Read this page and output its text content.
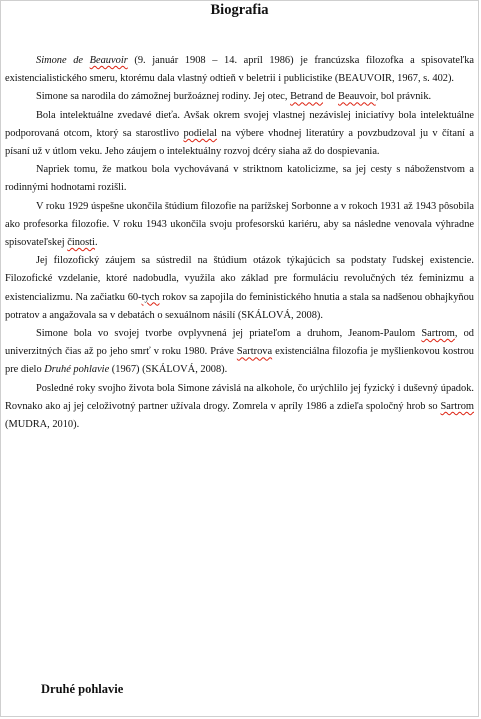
Biografia

Simone de Beauvoir (9. január 1908 – 14. apríl 1986) je francúzska filozofka a spisovateľka existencialistického smeru, ktorému dala vlastný odtieň v beletrii i publicistike (BEAUVOIR, 1967, s. 402).

Simone sa narodila do zámožnej buržoáznej rodiny. Jej otec, Betrand de Beauvoir, bol právnik.

Bola intelektuálne zvedavé dieťa. Avšak okrem svojej vlastnej nezávislej iniciatívy bola intelektuálne podporovaná otcom, ktorý sa starostlivo podielal na výbere vhodnej literatúry a povzbudzoval ju v čítaní a písaní už v útlom veku. Jeho záujem o intelektuálny rozvoj dcéry siaha až do dospievania.

Napriek tomu, že matkou bola vychovávaná v striktnom katolicizme, sa jej cesty s náboženstvom a rodinnými hodnotami rozišli.

V roku 1929 úspešne ukončila štúdium filozofie na parížskej Sorbonne a v rokoch 1931 až 1943 pôsobila ako profesorka filozofie. V roku 1943 ukončila svoju profesorskú kariéru, aby sa následne venovala výhradne spisovateľskej činosti.

Jej filozofický záujem sa sústredil na štúdium otázok týkajúcich sa podstaty ľudskej existencie. Filozofické vzdelanie, ktoré nadobudla, využila ako základ pre formuláciu revolučných téz feminizmu a existencializmu. Na začiatku 60-tych rokov sa zapojila do feministického hnutia a stala sa nadšenou obhajkyňou potratov a angažovala sa v debatách o sexuálnom násilí (SKÁLOVÁ, 2008).

Simone bola vo svojej tvorbe ovplyvnená jej priateľom a druhom, Jeanom-Paulom Sartrom, od univerzitných čias až po jeho smrť v roku 1980. Práve Sartrova existenciálna filozofia je myšlienkovou kostrou pre dielo Druhé pohlavie (1967) (SKÁLOVÁ, 2008).

Posledné roky svojho života bola Simone závislá na alkohole, čo urýchlilo jej fyzický i duševný úpadok. Rovnako ako aj jej celoživotný partner užívala drogy. Zomrela v apríly 1986 a zdieľa spoločný hrob so Sartrom (MUDRA, 2010).

Druhé pohlavie
